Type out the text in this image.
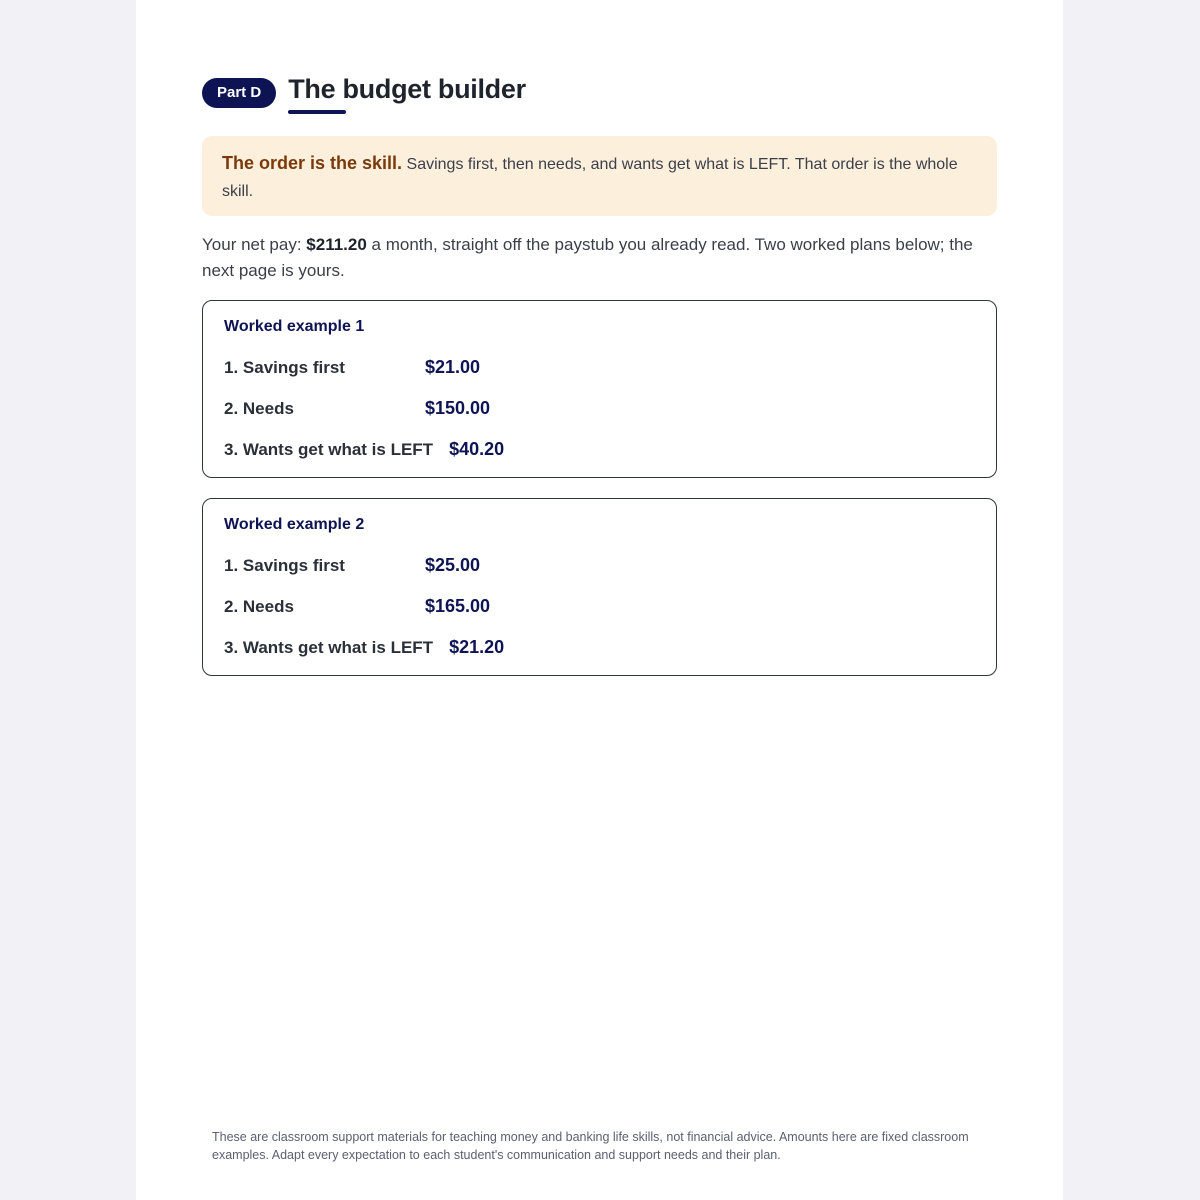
Part D	The budget builder
The order is the skill. Savings first, then needs, and wants get what is LEFT. That order is the whole skill.

Your net pay: $211.20 a month, straight off the paystub you already read. Two worked plans below; the next page is yours.

Worked example 1
1. Savings first	$21.00
2. Needs	$150.00
3. Wants get what is LEFT $40.20
Worked example 2
1. Savings first	$25.00
2. Needs	$165.00
3. Wants get what is LEFT $21.20

These are classroom support materials for teaching money and banking life skills, not financial advice. Amounts here are fixed classroom examples. Adapt every expectation to each student's communication and support needs and their plan.
